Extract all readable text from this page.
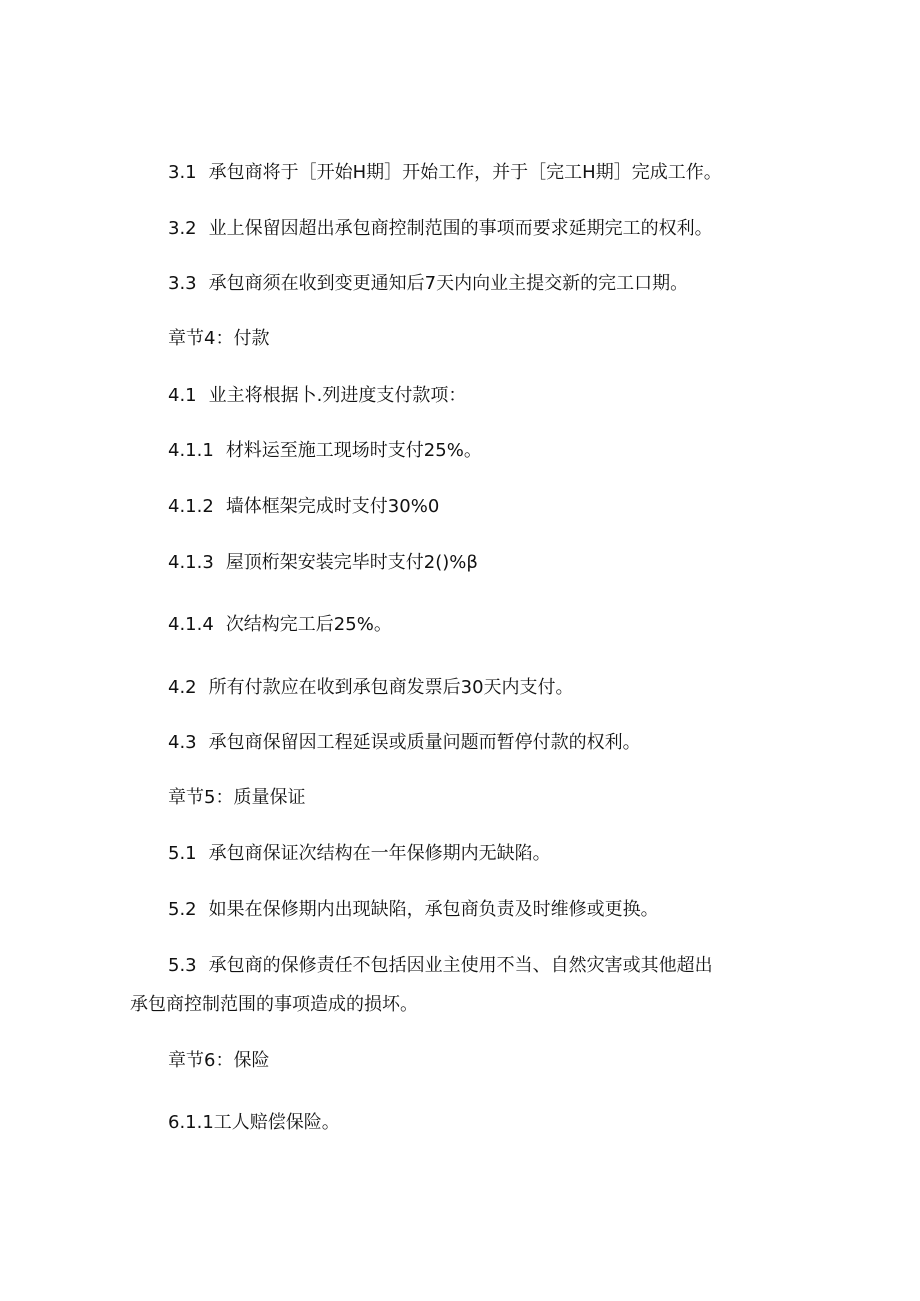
3.1 承包商将于［开始H期］开始工作，并于［完工H期］完成工作。
3.2 业上保留因超出承包商控制范围的事项而要求延期完工的权利。
3.3 承包商须在收到变更通知后7天内向业主提交新的完工口期。
章节4：付款
4.1 业主将根据卜.列进度支付款项：
4.1.1 材料运至施工现场时支付25%。
4.1.2 墙体框架完成时支付30%0
4.1.3 屋顶桁架安装完毕时支付2()%β
4.1.4 次结构完工后25%。
4.2 所有付款应在收到承包商发票后30天内支付。
4.3 承包商保留因工程延误或质量问题而暂停付款的权利。
章节5：质量保证
5.1 承包商保证次结构在一年保修期内无缺陷。
5.2 如果在保修期内出现缺陷，承包商负责及时维修或更换。
5.3 承包商的保修责任不包括因业主使用不当、自然灾害或其他超出
承包商控制范围的事项造成的损坏。
章节6：保险
6.1.1工人赔偿保险。
